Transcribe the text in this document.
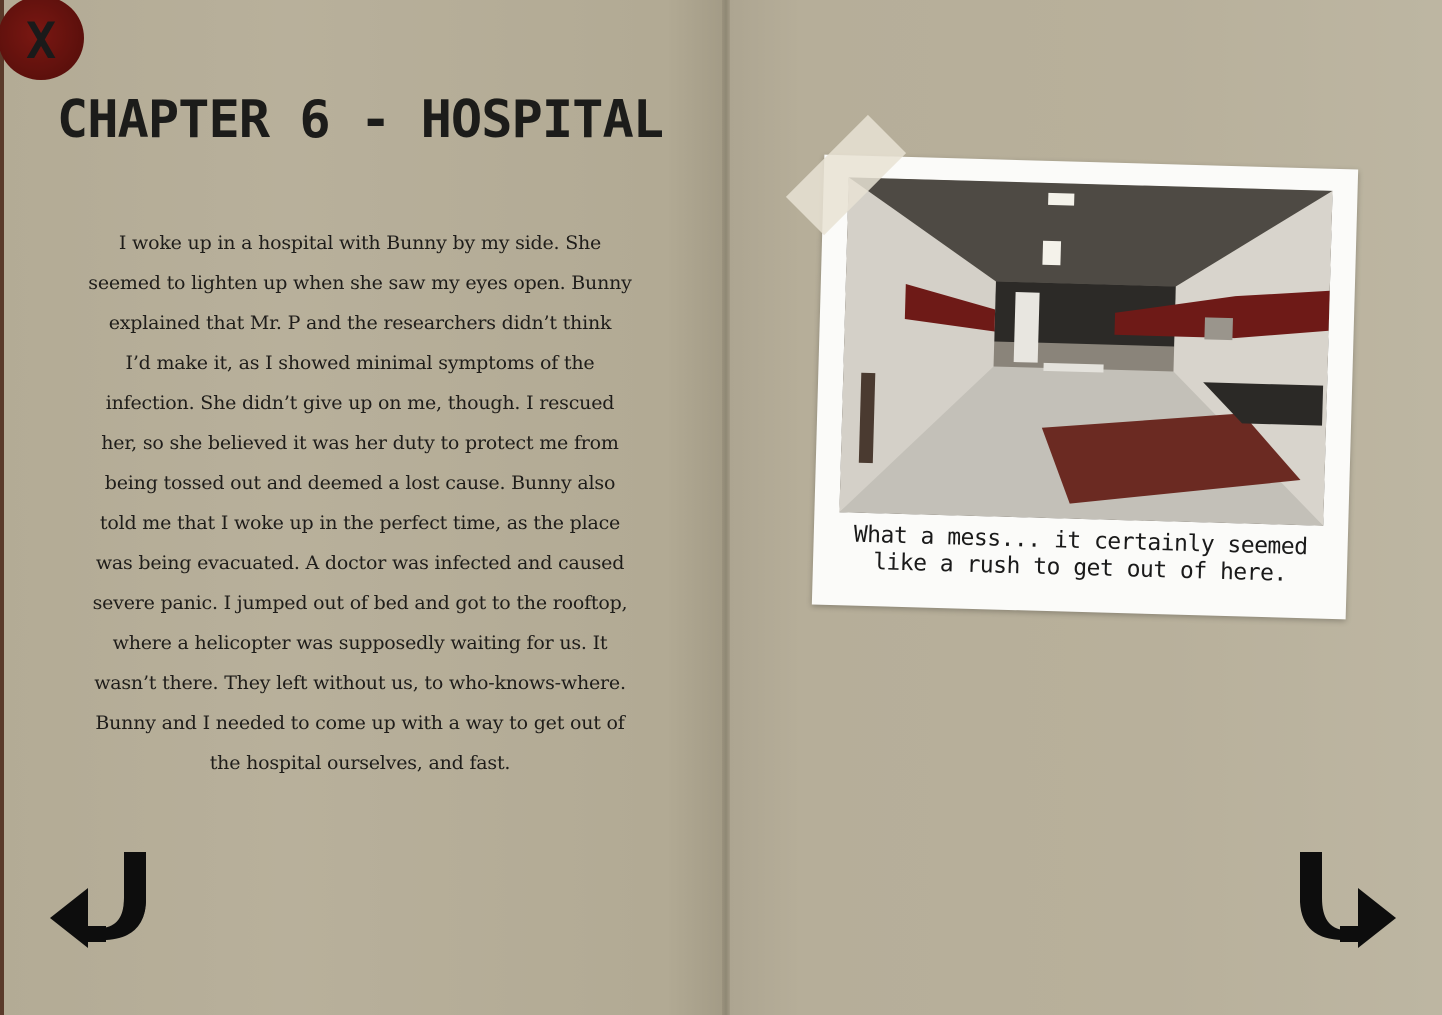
CHAPTER 6 - HOSPITAL
I woke up in a hospital with Bunny by my side. She
seemed to lighten up when she saw my eyes open. Bunny
explained that Mr. P and the researchers didn’t think
I’d make it, as I showed minimal symptoms of the
infection. She didn’t give up on me, though. I rescued
her, so she believed it was her duty to protect me from
being tossed out and deemed a lost cause. Bunny also
told me that I woke up in the perfect time, as the place
was being evacuated. A doctor was infected and caused
severe panic. I jumped out of bed and got to the rooftop,
where a helicopter was supposedly waiting for us. It
wasn’t there. They left without us, to who-knows-where.
Bunny and I needed to come up with a way to get out of
the hospital ourselves, and fast.
X
What a mess... it certainly seemed
like a rush to get out of here.
